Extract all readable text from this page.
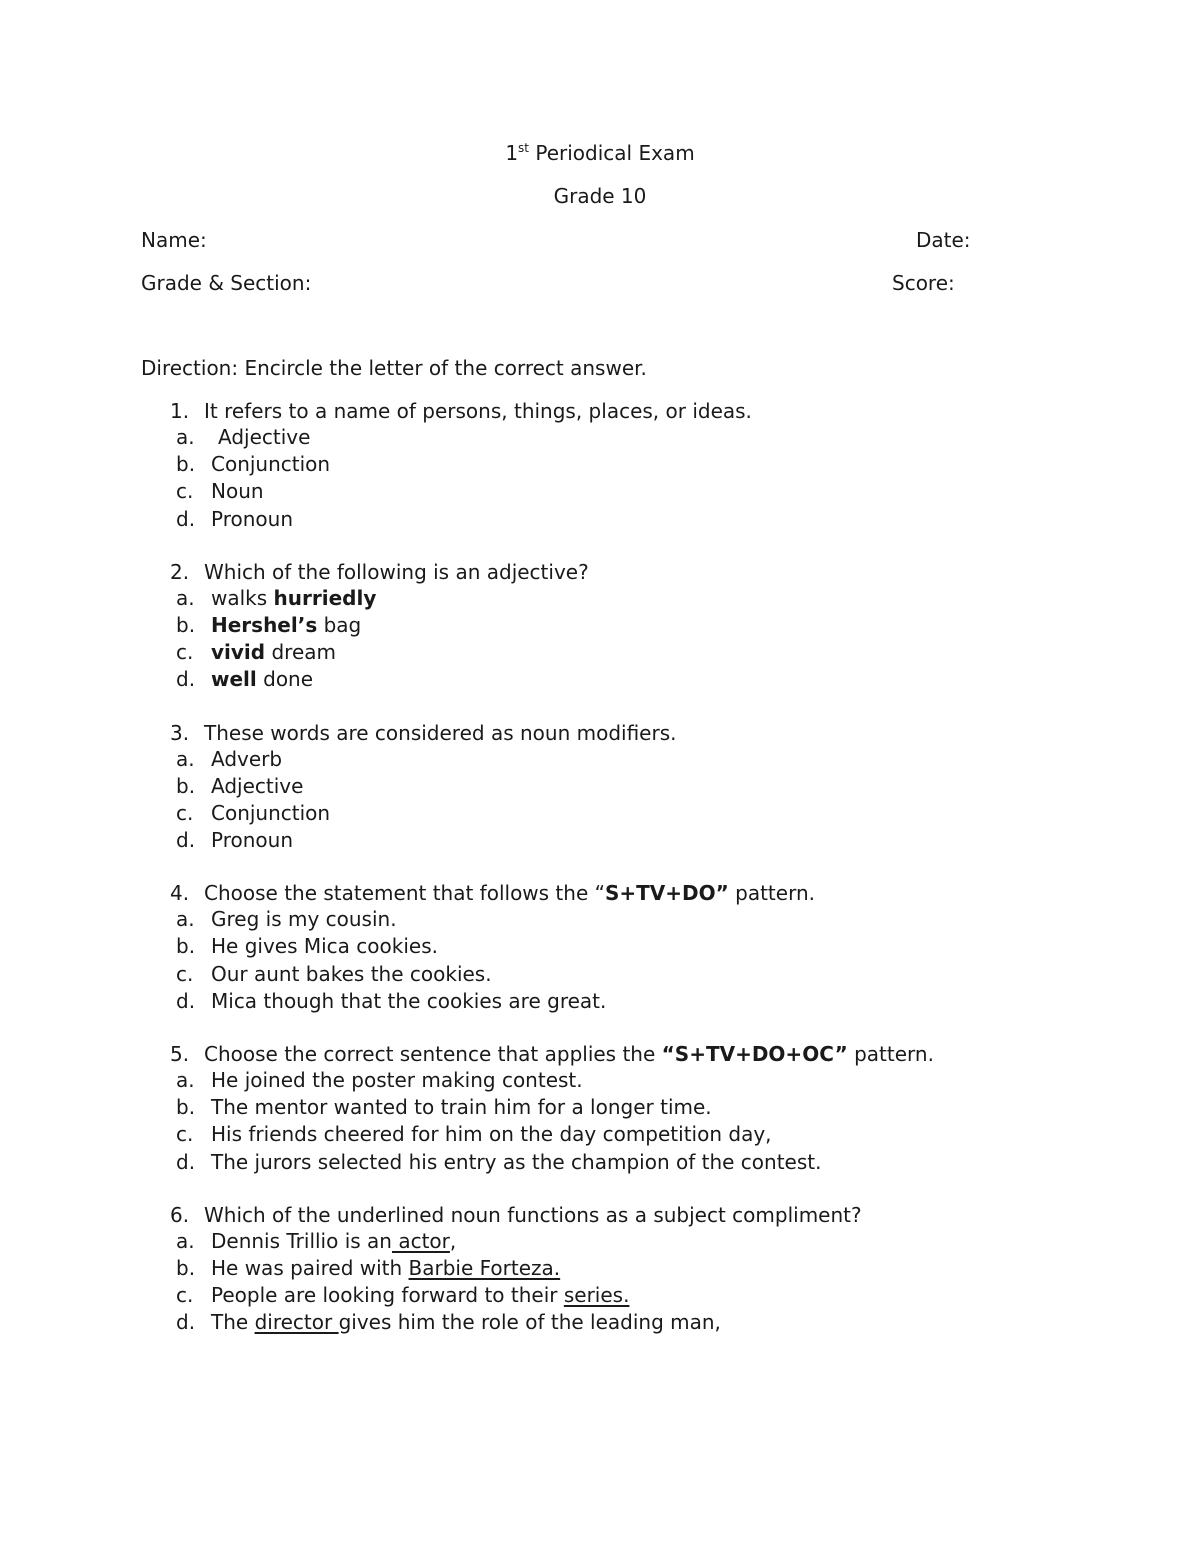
1st Periodical Exam
Grade 10
Name:	Date:
Grade & Section:	Score:
Direction: Encircle the letter of the correct answer.
1. It refers to a name of persons, things, places, or ideas.
a. Adjective
b. Conjunction
c. Noun
d. Pronoun
2. Which of the following is an adjective?
a. walks hurriedly
b. Hershel’s bag
c. vivid dream
d. well done
3. These words are considered as noun modifiers.
a. Adverb
b. Adjective
c. Conjunction
d. Pronoun
4. Choose the statement that follows the “S+TV+DO” pattern.
a. Greg is my cousin.
b. He gives Mica cookies.
c. Our aunt bakes the cookies.
d. Mica though that the cookies are great.
5. Choose the correct sentence that applies the “S+TV+DO+OC” pattern.
a. He joined the poster making contest.
b. The mentor wanted to train him for a longer time.
c. His friends cheered for him on the day competition day,
d. The jurors selected his entry as the champion of the contest.
6. Which of the underlined noun functions as a subject compliment?
a. Dennis Trillio is an actor,
b. He was paired with Barbie Forteza.
c. People are looking forward to their series.
d. The director gives him the role of the leading man,
